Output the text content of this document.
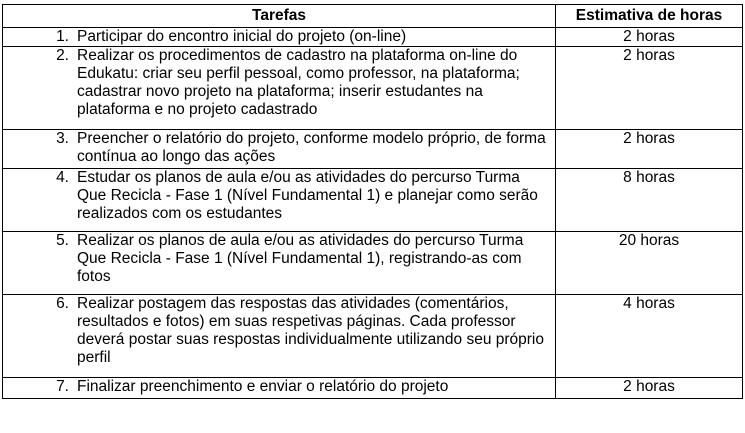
Tarefas	Estimativa de horas

1. Participar do encontro inicial do projeto (on-line)	2 horas

2. Realizar os procedimentos de cadastro na plataforma on-line do Edukatu: criar seu perfil pessoal, como professor, na plataforma; cadastrar novo projeto na plataforma; inserir estudantes na plataforma e no projeto cadastrado	2 horas

3. Preencher o relatório do projeto, conforme modelo próprio, de forma contínua ao longo das ações	2 horas

4. Estudar os planos de aula e/ou as atividades do percurso Turma Que Recicla - Fase 1 (Nível Fundamental 1) e planejar como serão realizados com os estudantes	8 horas

5. Realizar os planos de aula e/ou as atividades do percurso Turma Que Recicla - Fase 1 (Nível Fundamental 1), registrando-as com fotos	20 horas

6. Realizar postagem das respostas das atividades (comentários, resultados e fotos) em suas respetivas páginas. Cada professor deverá postar suas respostas individualmente utilizando seu próprio perfil	4 horas

7. Finalizar preenchimento e enviar o relatório do projeto	2 horas
